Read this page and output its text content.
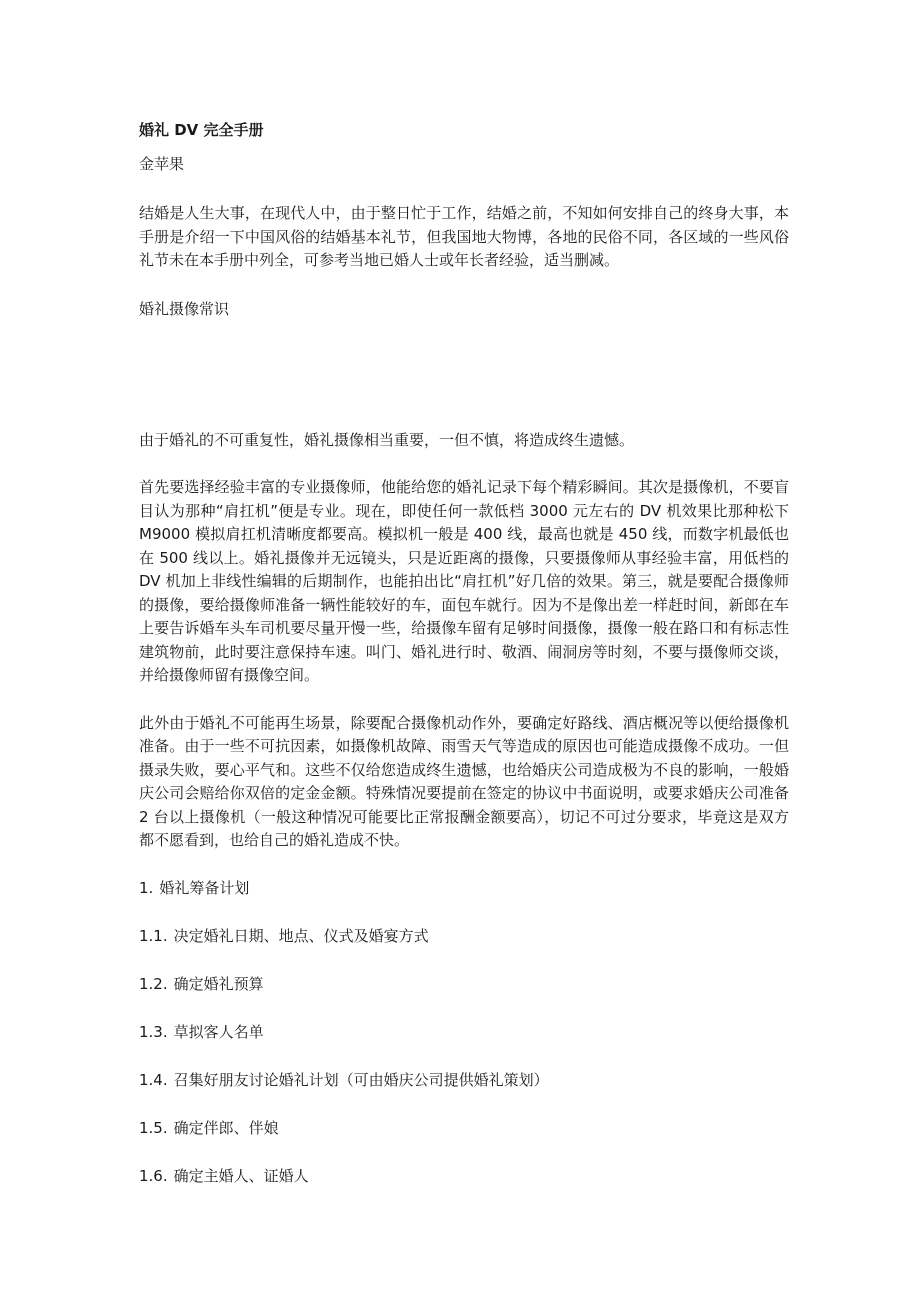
婚礼 DV 完全手册
金苹果

结婚是人生大事，在现代人中，由于整日忙于工作，结婚之前，不知如何安排自己的终身大事，本手册是介绍一下中国风俗的结婚基本礼节，但我国地大物博，各地的民俗不同，各区域的一些风俗礼节未在本手册中列全，可参考当地已婚人士或年长者经验，适当删减。

婚礼摄像常识

由于婚礼的不可重复性，婚礼摄像相当重要，一但不慎，将造成终生遗憾。

首先要选择经验丰富的专业摄像师，他能给您的婚礼记录下每个精彩瞬间。其次是摄像机，不要盲目认为那种“肩扛机”便是专业。现在，即使任何一款低档 3000 元左右的 DV 机效果比那种松下 M9000 模拟肩扛机清晰度都要高。模拟机一般是 400 线，最高也就是 450 线，而数字机最低也在 500 线以上。婚礼摄像并无远镜头，只是近距离的摄像，只要摄像师从事经验丰富，用低档的 DV 机加上非线性编辑的后期制作，也能拍出比“肩扛机”好几倍的效果。第三，就是要配合摄像师的摄像，要给摄像师准备一辆性能较好的车，面包车就行。因为不是像出差一样赶时间，新郎在车上要告诉婚车头车司机要尽量开慢一些，给摄像车留有足够时间摄像，摄像一般在路口和有标志性建筑物前，此时要注意保持车速。叫门、婚礼进行时、敬酒、闹洞房等时刻，不要与摄像师交谈，并给摄像师留有摄像空间。

此外由于婚礼不可能再生场景，除要配合摄像机动作外，要确定好路线、酒店概况等以便给摄像机准备。由于一些不可抗因素，如摄像机故障、雨雪天气等造成的原因也可能造成摄像不成功。一但摄录失败，要心平气和。这些不仅给您造成终生遗憾，也给婚庆公司造成极为不良的影响，一般婚庆公司会赔给你双倍的定金金额。特殊情况要提前在签定的协议中书面说明，或要求婚庆公司准备 2 台以上摄像机（一般这种情况可能要比正常报酬金额要高），切记不可过分要求，毕竟这是双方都不愿看到，也给自己的婚礼造成不快。

1. 婚礼筹备计划
1.1. 决定婚礼日期、地点、仪式及婚宴方式
1.2. 确定婚礼预算
1.3. 草拟客人名单
1.4. 召集好朋友讨论婚礼计划（可由婚庆公司提供婚礼策划）
1.5. 确定伴郎、伴娘
1.6. 确定主婚人、证婚人
